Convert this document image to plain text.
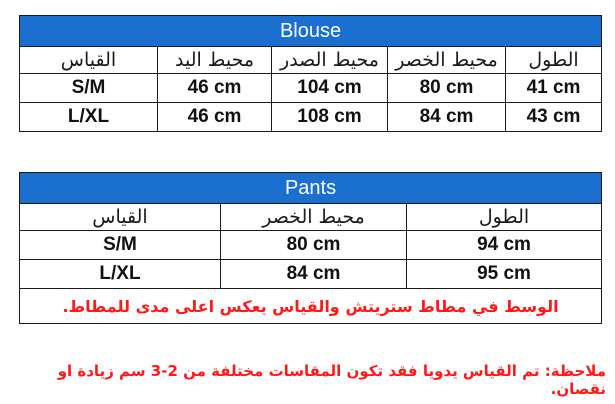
Blouse				
القياس	محيط اليد	محيط الصدر	محيط الخصر	الطول
S/M	46 cm	104 cm	80 cm	41 cm
L/XL	46 cm	108 cm	84 cm	43 cm
Pants		
القياس	محيط الخصر	الطول
S/M	80 cm	94 cm
L/XL	84 cm	95 cm
الوسط في مطاط ستريتش والقياس يعكس اعلى مدى للمطاط.		
ملاحظة: تم القياس يدويا فقد تكون المقاسات مختلفة من 2-3 سم زيادة او نقصان.
